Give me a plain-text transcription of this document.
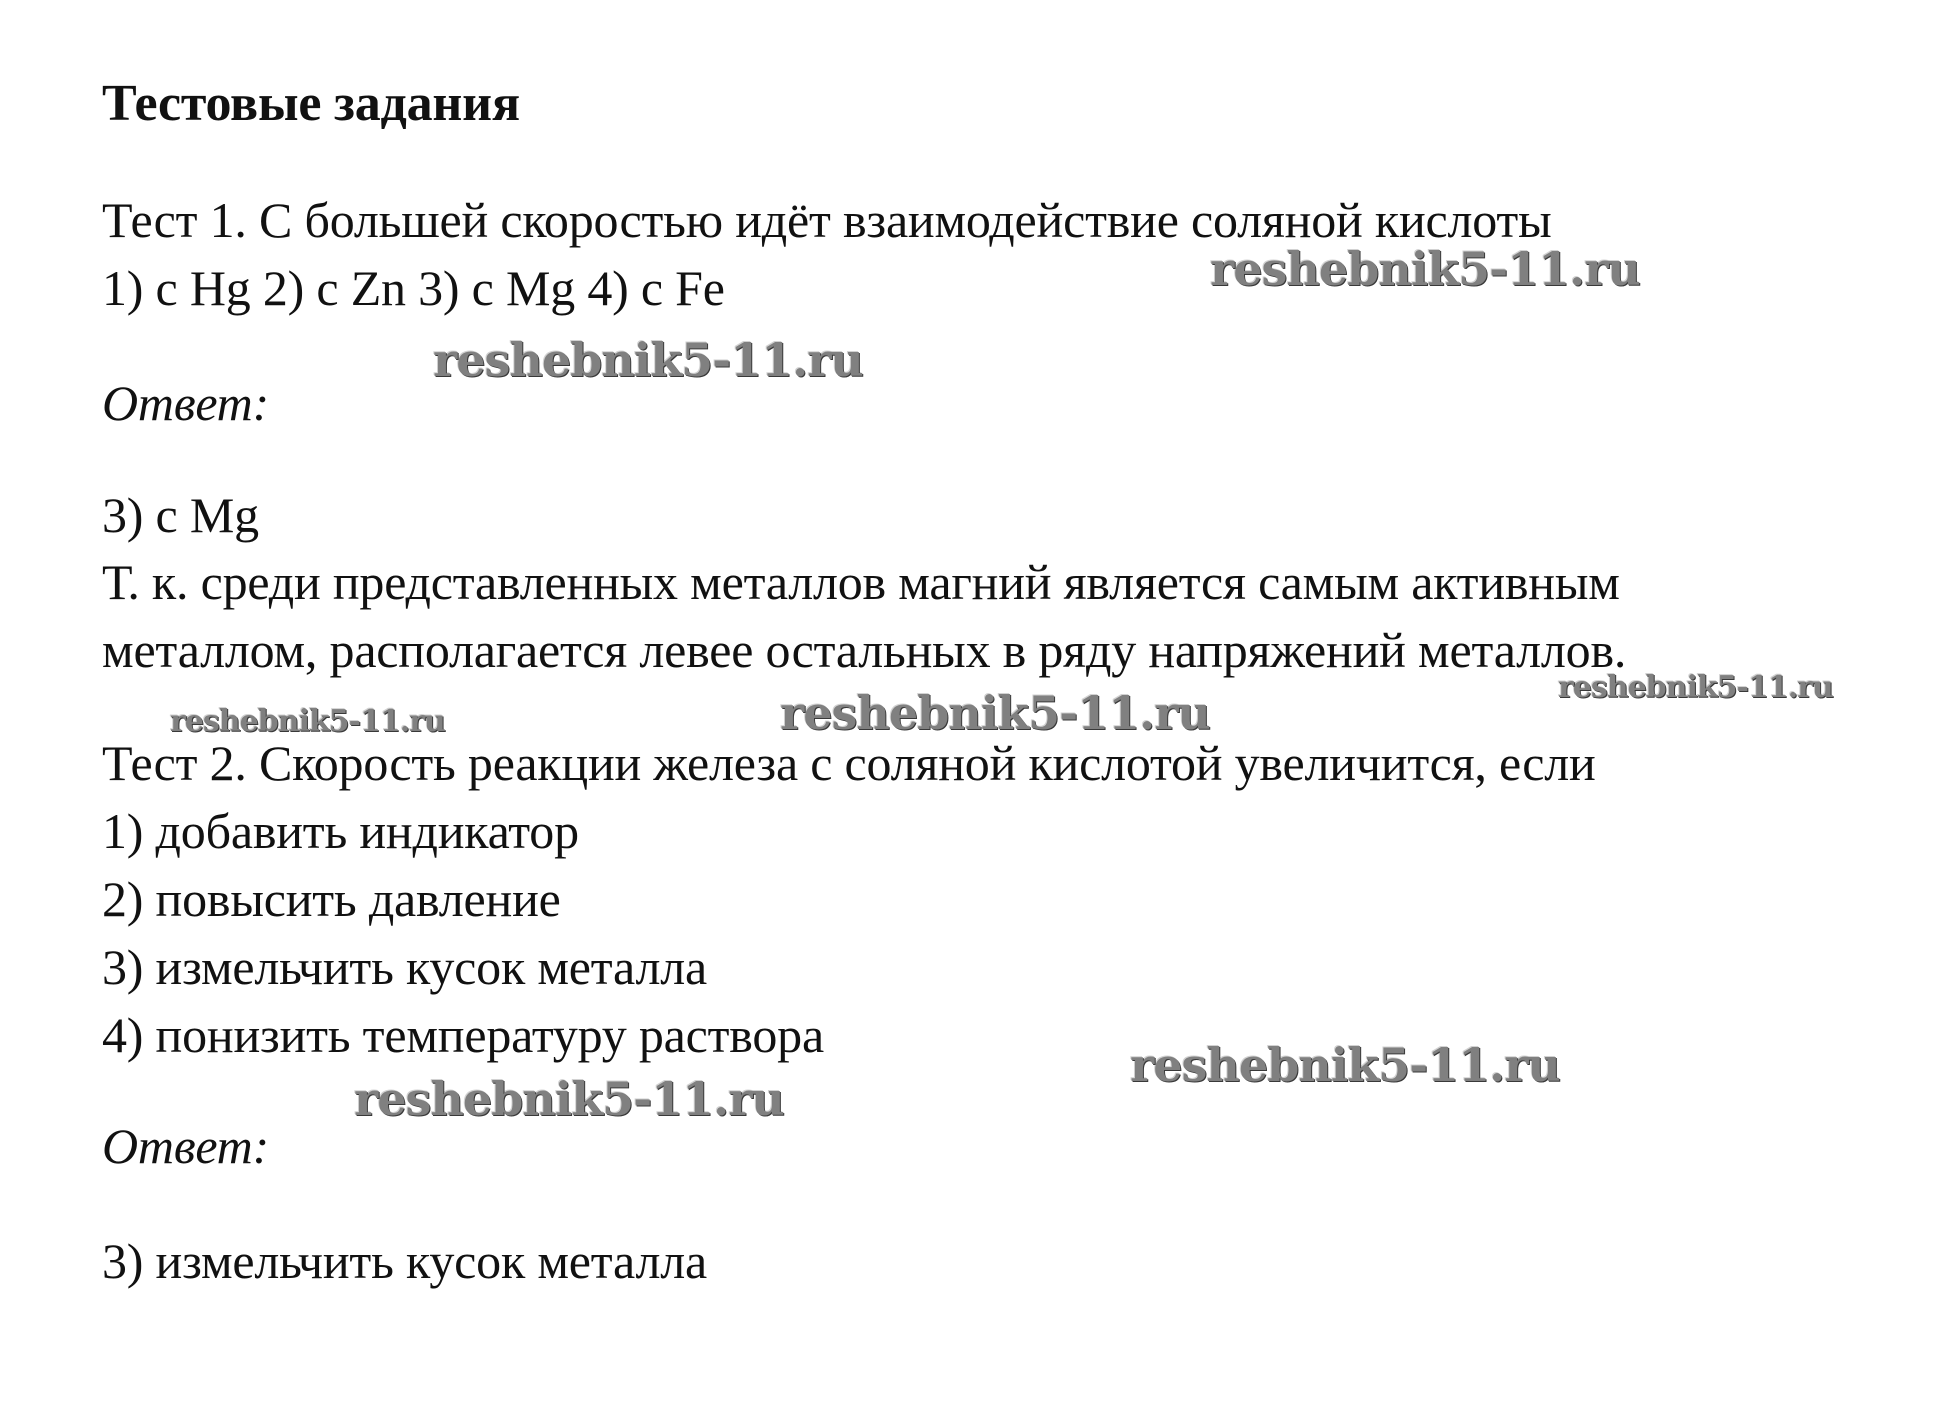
Тестовые задания
Тест 1. С большей скоростью идёт взаимодействие соляной кислоты
1) с Hg 2) с Zn 3) с Mg 4) с Fe
Ответ:
3) с Mg
Т. к. среди представленных металлов магний является самым активным
металлом, располагается левее остальных в ряду напряжений металлов.
Тест 2. Скорость реакции железа с соляной кислотой увеличится, если
1) добавить индикатор
2) повысить давление
3) измельчить кусок металла
4) понизить температуру раствора
Ответ:
3) измельчить кусок металла
reshebnik5-11.ru
reshebnik5-11.ru
reshebnik5-11.ru
reshebnik5-11.ru
reshebnik5-11.ru
reshebnik5-11.ru
reshebnik5-11.ru
